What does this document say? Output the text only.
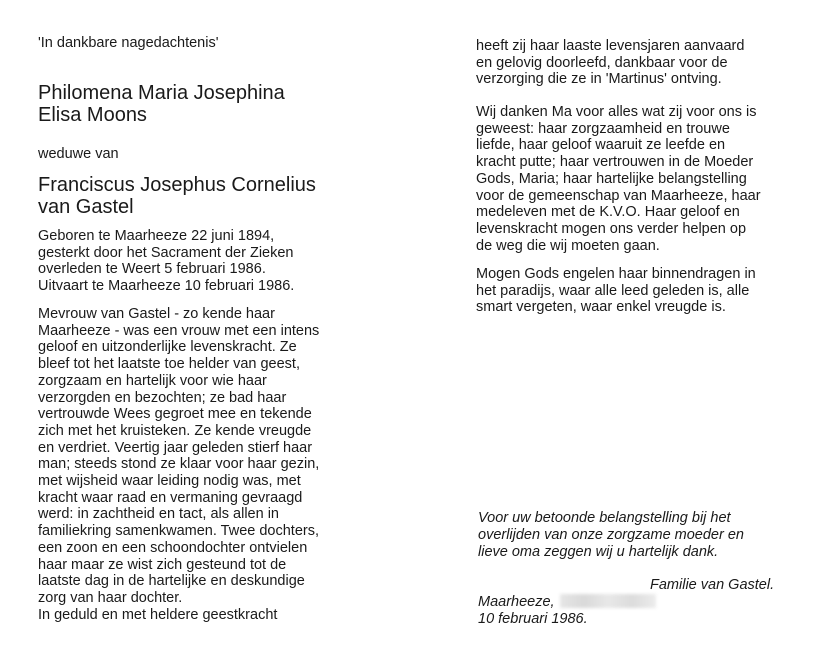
'In dankbare nagedachtenis'

Philomena Maria Josephina
Elisa Moons
weduwe van
Franciscus Josephus Cornelius
van Gastel

Geboren te Maarheeze 22 juni 1894,
gesterkt door het Sacrament der Zieken
overleden te Weert 5 februari 1986.
Uitvaart te Maarheeze 10 februari 1986.

Mevrouw van Gastel - zo kende haar
Maarheeze - was een vrouw met een intens
geloof en uitzonderlijke levenskracht. Ze
bleef tot het laatste toe helder van geest,
zorgzaam en hartelijk voor wie haar
verzorgden en bezochten; ze bad haar
vertrouwde Wees gegroet mee en tekende
zich met het kruisteken. Ze kende vreugde
en verdriet. Veertig jaar geleden stierf haar
man; steeds stond ze klaar voor haar gezin,
met wijsheid waar leiding nodig was, met
kracht waar raad en vermaning gevraagd
werd: in zachtheid en tact, als allen in
familiekring samenkwamen. Twee dochters,
een zoon en een schoondochter ontvielen
haar maar ze wist zich gesteund tot de
laatste dag in de hartelijke en deskundige
zorg van haar dochter.
In geduld en met heldere geestkracht

heeft zij haar laaste levensjaren aanvaard
en gelovig doorleefd, dankbaar voor de
verzorging die ze in 'Martinus' ontving.

Wij danken Ma voor alles wat zij voor ons is
geweest: haar zorgzaamheid en trouwe
liefde, haar geloof waaruit ze leefde en
kracht putte; haar vertrouwen in de Moeder
Gods, Maria; haar hartelijke belangstelling
voor de gemeenschap van Maarheeze, haar
medeleven met de K.V.O. Haar geloof en
levenskracht mogen ons verder helpen op
de weg die wij moeten gaan.

Mogen Gods engelen haar binnendragen in
het paradijs, waar alle leed geleden is, alle
smart vergeten, waar enkel vreugde is.

Voor uw betoonde belangstelling bij het
overlijden van onze zorgzame moeder en
lieve oma zeggen wij u hartelijk dank.

Familie van Gastel.
Maarheeze,
10 februari 1986.
